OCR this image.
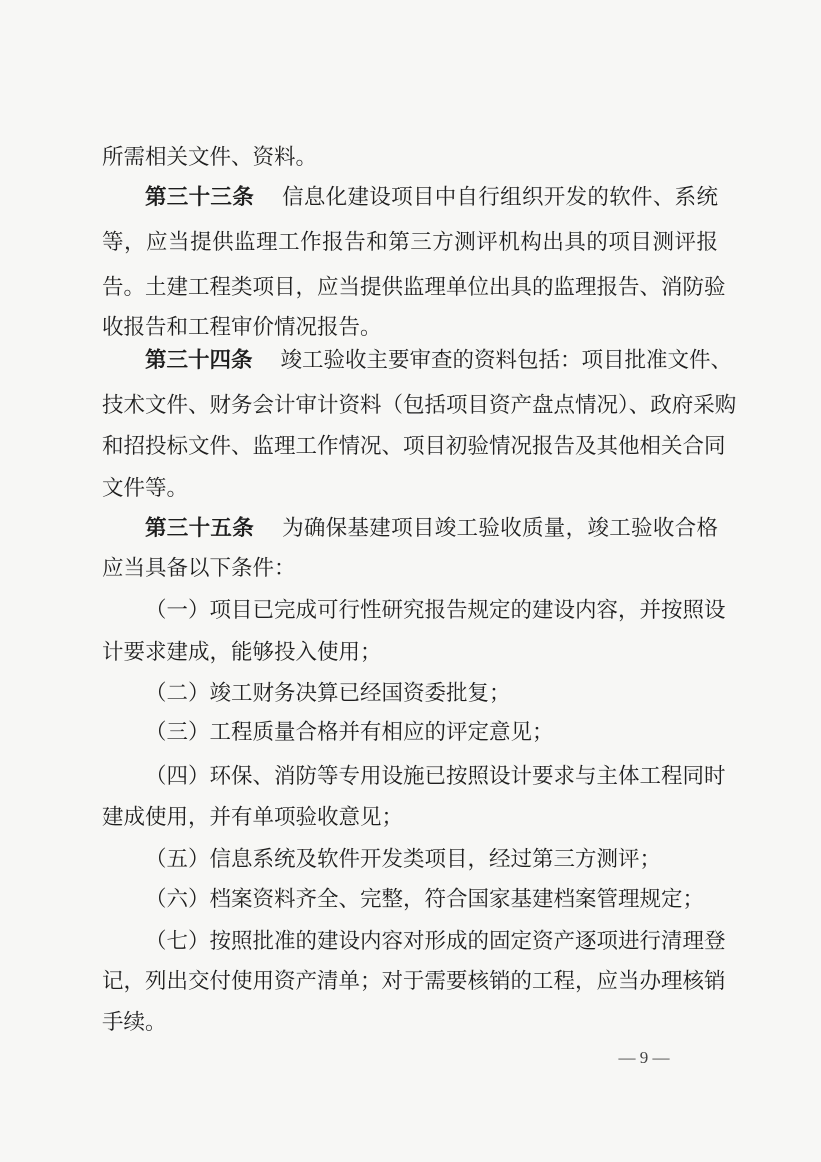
所需相关文件、资料。
第三十三条 信息化建设项目中自行组织开发的软件、系统
等，应当提供监理工作报告和第三方测评机构出具的项目测评报
告。土建工程类项目，应当提供监理单位出具的监理报告、消防验
收报告和工程审价情况报告。
第三十四条 竣工验收主要审查的资料包括：项目批准文件、
技术文件、财务会计审计资料（包括项目资产盘点情况）、政府采购
和招投标文件、监理工作情况、项目初验情况报告及其他相关合同
文件等。
第三十五条 为确保基建项目竣工验收质量，竣工验收合格
应当具备以下条件：
（一）项目已完成可行性研究报告规定的建设内容，并按照设
计要求建成，能够投入使用；
（二）竣工财务决算已经国资委批复；
（三）工程质量合格并有相应的评定意见；
（四）环保、消防等专用设施已按照设计要求与主体工程同时
建成使用，并有单项验收意见；
（五）信息系统及软件开发类项目，经过第三方测评；
（六）档案资料齐全、完整，符合国家基建档案管理规定；
（七）按照批准的建设内容对形成的固定资产逐项进行清理登
记，列出交付使用资产清单；对于需要核销的工程，应当办理核销
手续。
— 9 —
